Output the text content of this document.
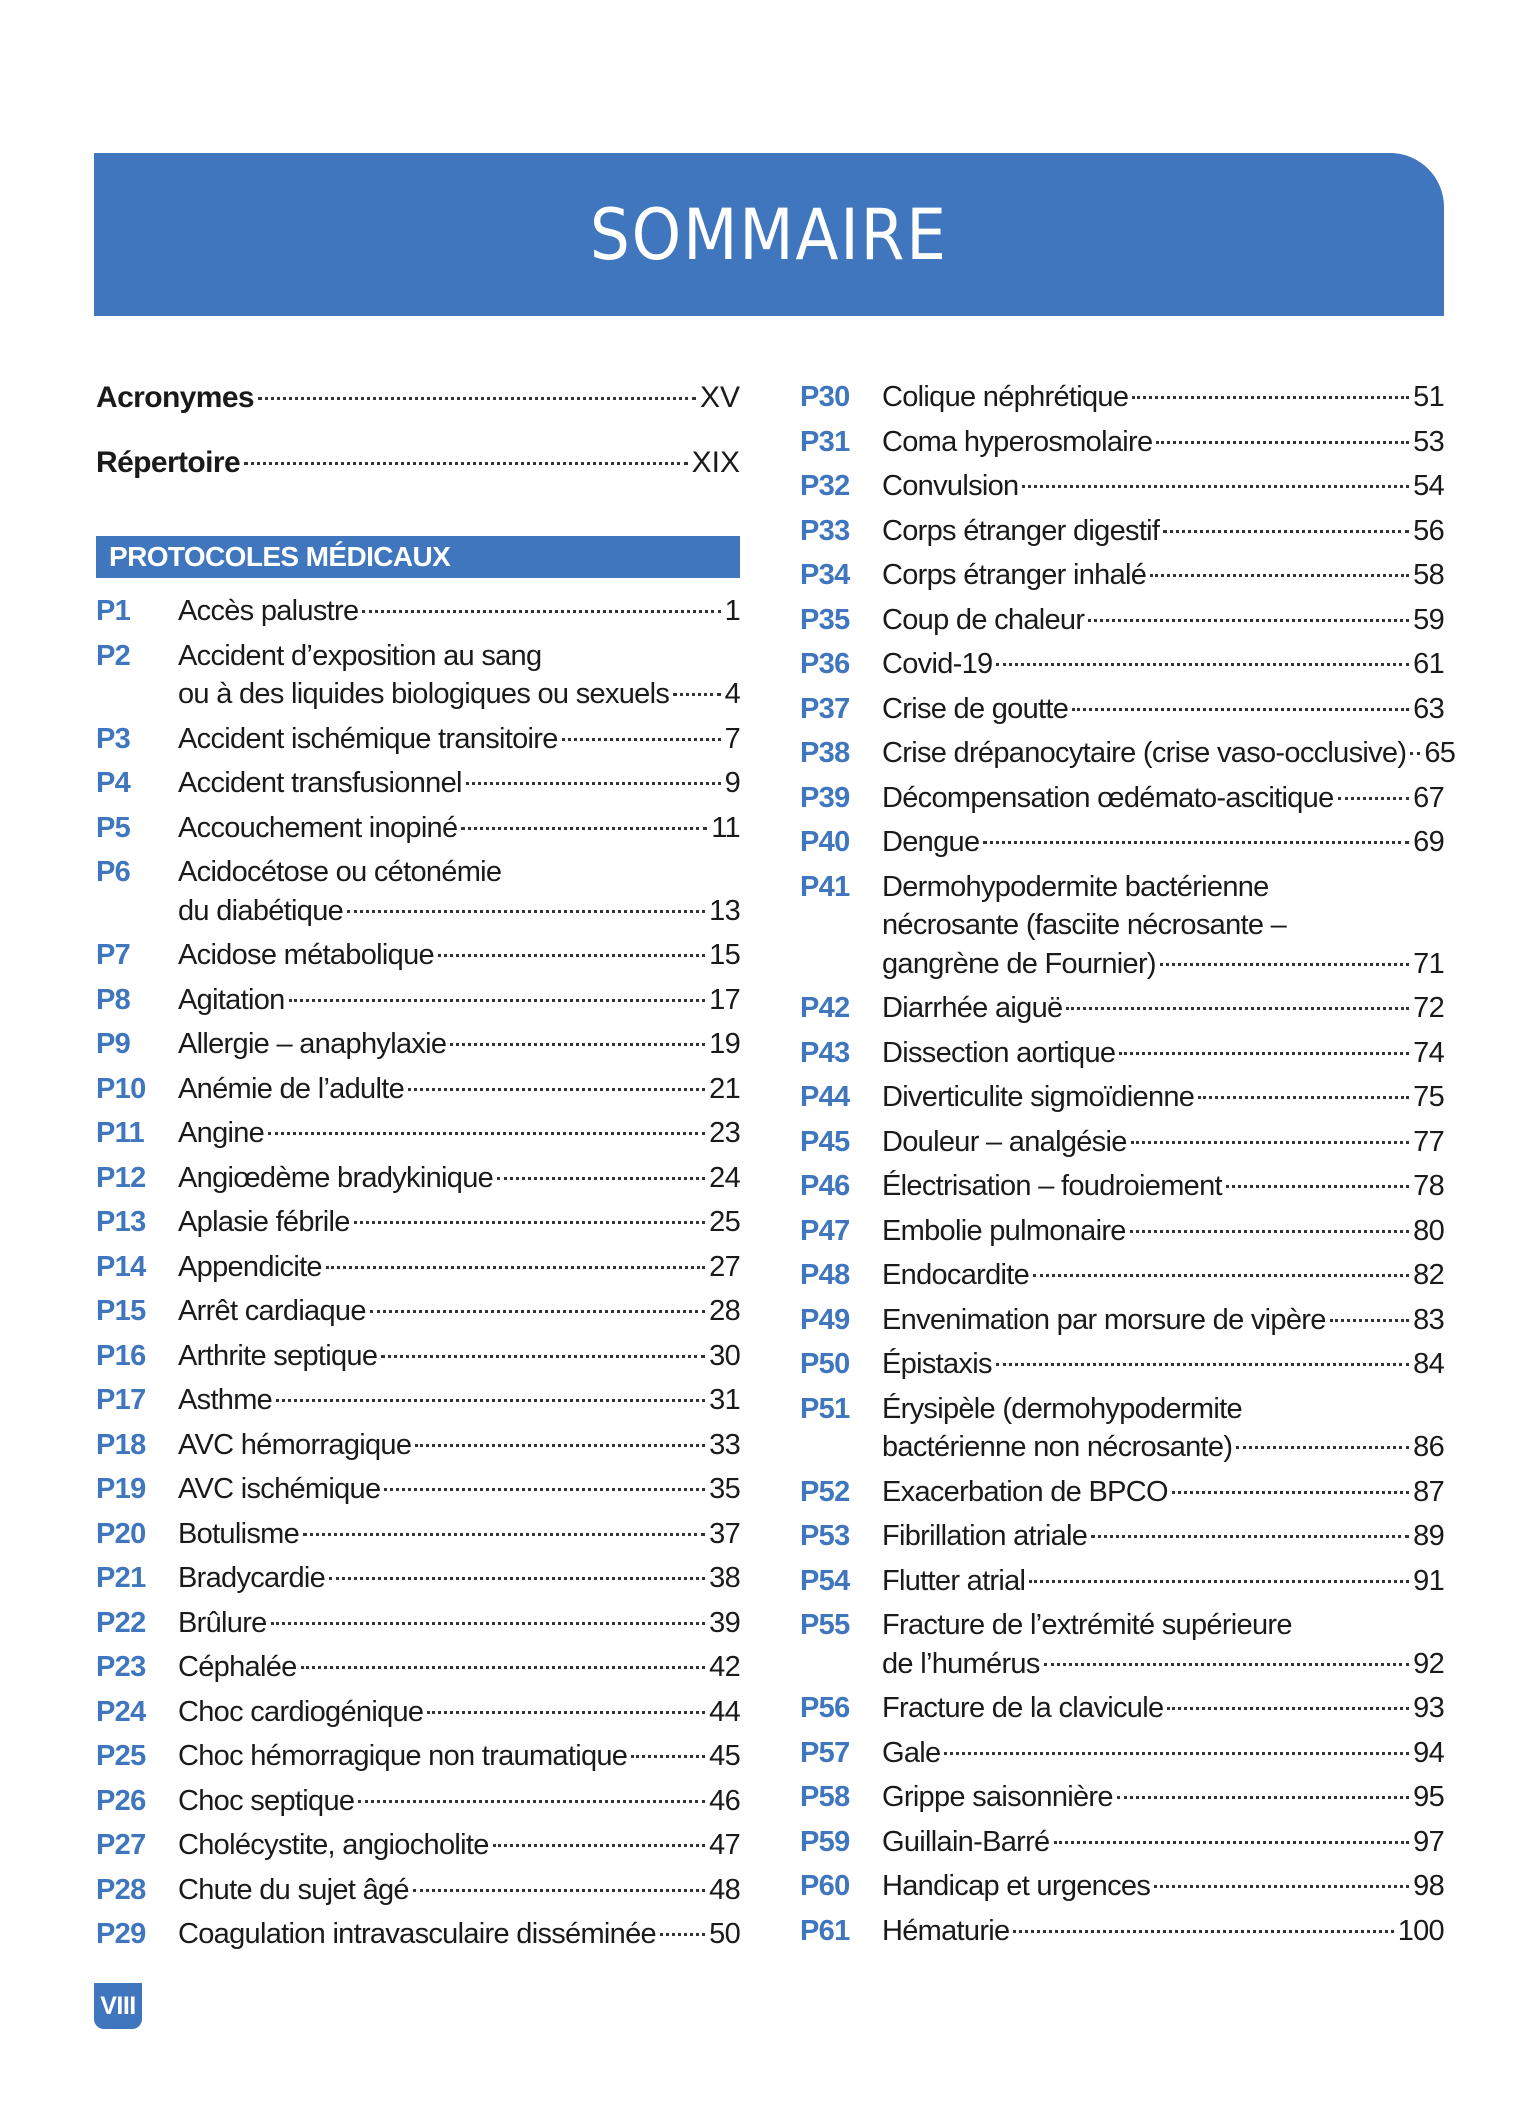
SOMMAIRE
Acronymes	XV
Répertoire	XIX
PROTOCOLES MÉDICAUX
P1	Accès palustre	1
P2	Accident d’exposition au sang
ou à des liquides biologiques ou sexuels 4
P3	Accident ischémique transitoire	7
P4	Accident transfusionnel	9
P5	Accouchement inopiné	11
P6	Acidocétose ou cétonémie
du diabétique	13
P7	Acidose métabolique	15
P8	Agitation	17
P9	Allergie – anaphylaxie	19
P10	Anémie de l’adulte	21
P11	Angine	23
P12	Angiœdème bradykinique	24
P13	Aplasie fébrile	25
P14	Appendicite	27
P15	Arrêt cardiaque	28
P16	Arthrite septique	30
P17	Asthme	31
P18	AVC hémorragique	33
P19	AVC ischémique	35
P20	Botulisme	37
P21	Bradycardie	38
P22	Brûlure	39
P23	Céphalée	42
P24	Choc cardiogénique	44
P25	Choc hémorragique non traumatique	45
P26	Choc septique	46
P27	Cholécystite, angiocholite	47
P28	Chute du sujet âgé	48
P29	Coagulation intravasculaire disséminée 50
P30	Colique néphrétique	51
P31	Coma hyperosmolaire	53
P32	Convulsion	54
P33	Corps étranger digestif	56
P34	Corps étranger inhalé	58
P35	Coup de chaleur	59
P36	Covid-19	61
P37	Crise de goutte	63
P38	Crise drépanocytaire (crise vaso-occlusive) 65
P39	Décompensation œdémato-ascitique	67
P40	Dengue	69
P41	Dermohypodermite bactérienne
nécrosante (fasciite nécrosante –
gangrène de Fournier)	71
P42	Diarrhée aiguë	72
P43	Dissection aortique	74
P44	Diverticulite sigmoïdienne	75
P45	Douleur – analgésie	77
P46	Électrisation – foudroiement	78
P47	Embolie pulmonaire	80
P48	Endocardite	82
P49	Envenimation par morsure de vipère	83
P50	Épistaxis	84
P51	Érysipèle (dermohypodermite
bactérienne non nécrosante)	86
P52	Exacerbation de BPCO	87
P53	Fibrillation atriale	89
P54	Flutter atrial	91
P55	Fracture de l’extrémité supérieure
de l’humérus	92
P56	Fracture de la clavicule	93
P57	Gale	94
P58	Grippe saisonnière	95
P59	Guillain-Barré	97
P60	Handicap et urgences	98
P61	Hématurie	100
VIII
